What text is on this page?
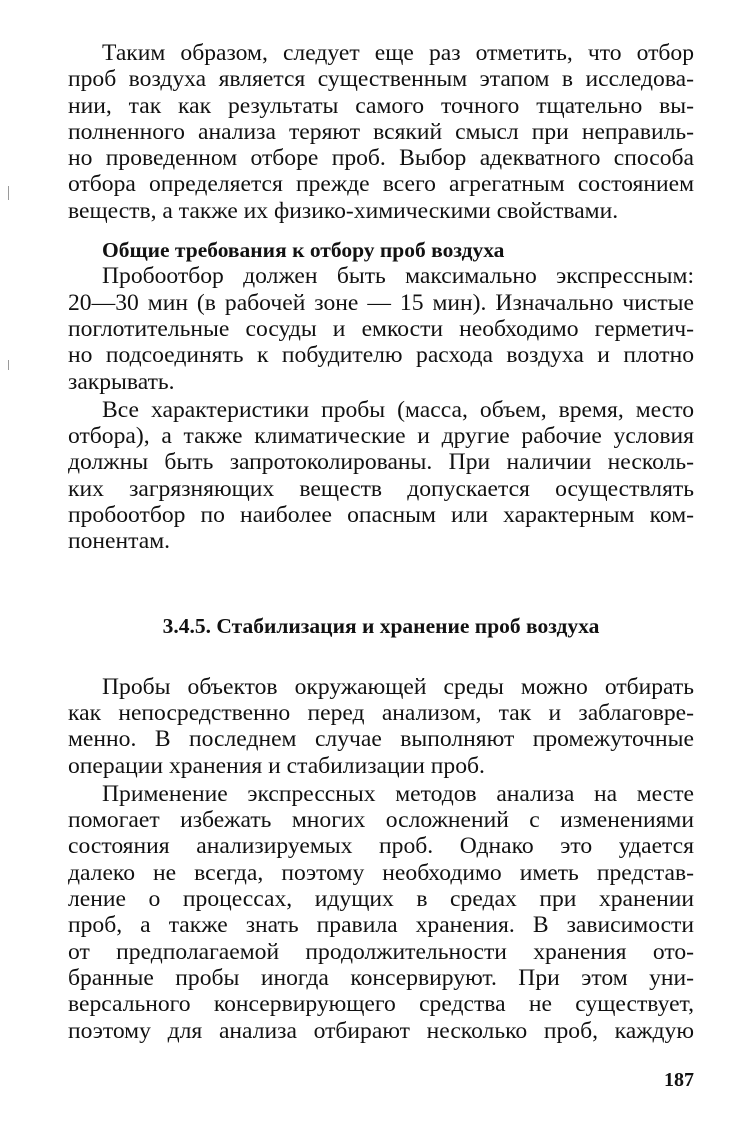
Таким образом, следует еще раз отметить, что отбор
проб воздуха является существенным этапом в исследова-
нии, так как результаты самого точного тщательно вы-
полненного анализа теряют всякий смысл при неправиль-
но проведенном отборе проб. Выбор адекватного способа
отбора определяется прежде всего агрегатным состоянием
веществ, а также их физико-химическими свойствами.
Общие требования к отбору проб воздуха
Пробоотбор должен быть максимально экспрессным:
20—30 мин (в рабочей зоне — 15 мин). Изначально чистые
поглотительные сосуды и емкости необходимо герметич-
но подсоединять к побудителю расхода воздуха и плотно
закрывать.
Все характеристики пробы (масса, объем, время, место
отбора), а также климатические и другие рабочие условия
должны быть запротоколированы. При наличии несколь-
ких загрязняющих веществ допускается осуществлять
пробоотбор по наиболее опасным или характерным ком-
понентам.
3.4.5. Стабилизация и хранение проб воздуха
Пробы объектов окружающей среды можно отбирать
как непосредственно перед анализом, так и заблаговре-
менно. В последнем случае выполняют промежуточные
операции хранения и стабилизации проб.
Применение экспрессных методов анализа на месте
помогает избежать многих осложнений с изменениями
состояния анализируемых проб. Однако это удается
далеко не всегда, поэтому необходимо иметь представ-
ление о процессах, идущих в средах при хранении
проб, а также знать правила хранения. В зависимости
от предполагаемой продолжительности хранения ото-
бранные пробы иногда консервируют. При этом уни-
версального консервирующего средства не существует,
поэтому для анализа отбирают несколько проб, каждую
187
